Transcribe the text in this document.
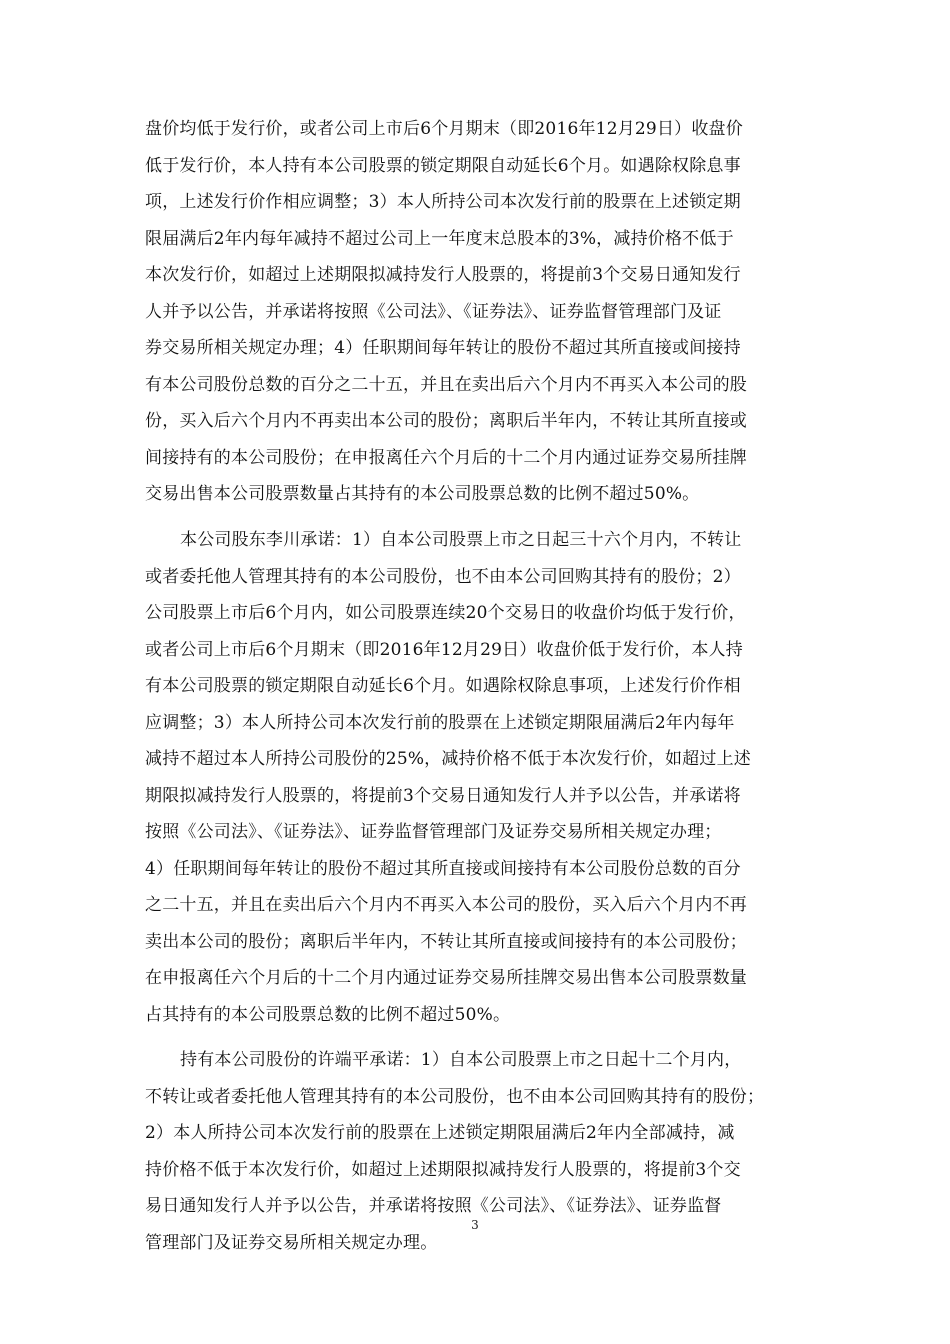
盘价均低于发行价，或者公司上市后6个月期末（即2016年12月29日）收盘价
低于发行价，本人持有本公司股票的锁定期限自动延长6个月。如遇除权除息事
项，上述发行价作相应调整；3）本人所持公司本次发行前的股票在上述锁定期
限届满后2年内每年减持不超过公司上一年度末总股本的3%，减持价格不低于
本次发行价，如超过上述期限拟减持发行人股票的，将提前3个交易日通知发行
人并予以公告，并承诺将按照《公司法》、《证券法》、证券监督管理部门及证
券交易所相关规定办理；4）任职期间每年转让的股份不超过其所直接或间接持
有本公司股份总数的百分之二十五，并且在卖出后六个月内不再买入本公司的股
份，买入后六个月内不再卖出本公司的股份；离职后半年内，不转让其所直接或
间接持有的本公司股份；在申报离任六个月后的十二个月内通过证券交易所挂牌
交易出售本公司股票数量占其持有的本公司股票总数的比例不超过50%。
本公司股东李川承诺：1）自本公司股票上市之日起三十六个月内，不转让
或者委托他人管理其持有的本公司股份，也不由本公司回购其持有的股份；2）
公司股票上市后6个月内，如公司股票连续20个交易日的收盘价均低于发行价，
或者公司上市后6个月期末（即2016年12月29日）收盘价低于发行价，本人持
有本公司股票的锁定期限自动延长6个月。如遇除权除息事项，上述发行价作相
应调整；3）本人所持公司本次发行前的股票在上述锁定期限届满后2年内每年
减持不超过本人所持公司股份的25%，减持价格不低于本次发行价，如超过上述
期限拟减持发行人股票的，将提前3个交易日通知发行人并予以公告，并承诺将
按照《公司法》、《证券法》、证券监督管理部门及证券交易所相关规定办理；
4）任职期间每年转让的股份不超过其所直接或间接持有本公司股份总数的百分
之二十五，并且在卖出后六个月内不再买入本公司的股份，买入后六个月内不再
卖出本公司的股份；离职后半年内，不转让其所直接或间接持有的本公司股份；
在申报离任六个月后的十二个月内通过证券交易所挂牌交易出售本公司股票数量
占其持有的本公司股票总数的比例不超过50%。
持有本公司股份的许端平承诺：1）自本公司股票上市之日起十二个月内，
不转让或者委托他人管理其持有的本公司股份，也不由本公司回购其持有的股份；
2）本人所持公司本次发行前的股票在上述锁定期限届满后2年内全部减持，减
持价格不低于本次发行价，如超过上述期限拟减持发行人股票的，将提前3个交
易日通知发行人并予以公告，并承诺将按照《公司法》、《证券法》、证券监督
管理部门及证券交易所相关规定办理。
3
